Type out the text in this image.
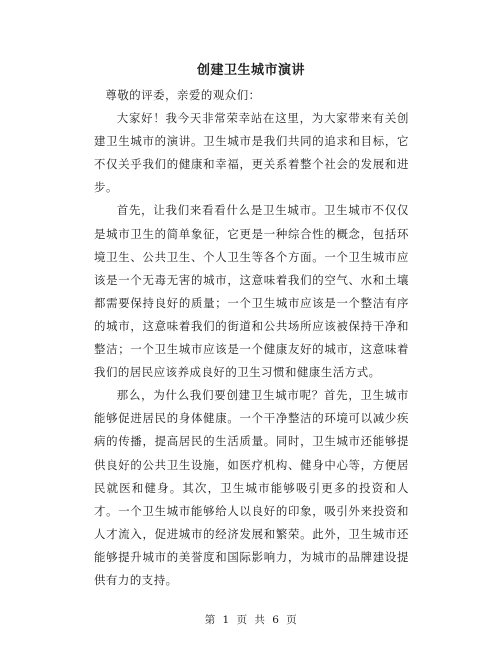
创建卫生城市演讲

尊敬的评委，亲爱的观众们：

大家好！我今天非常荣幸站在这里，为大家带来有关创建卫生城市的演讲。卫生城市是我们共同的追求和目标，它不仅关乎我们的健康和幸福，更关系着整个社会的发展和进步。

首先，让我们来看看什么是卫生城市。卫生城市不仅仅是城市卫生的简单象征，它更是一种综合性的概念，包括环境卫生、公共卫生、个人卫生等各个方面。一个卫生城市应该是一个无毒无害的城市，这意味着我们的空气、水和土壤都需要保持良好的质量；一个卫生城市应该是一个整洁有序的城市，这意味着我们的街道和公共场所应该被保持干净和整洁；一个卫生城市应该是一个健康友好的城市，这意味着我们的居民应该养成良好的卫生习惯和健康生活方式。

那么，为什么我们要创建卫生城市呢？首先，卫生城市能够促进居民的身体健康。一个干净整洁的环境可以减少疾病的传播，提高居民的生活质量。同时，卫生城市还能够提供良好的公共卫生设施，如医疗机构、健身中心等，方便居民就医和健身。其次，卫生城市能够吸引更多的投资和人才。一个卫生城市能够给人以良好的印象，吸引外来投资和人才流入，促进城市的经济发展和繁荣。此外，卫生城市还能够提升城市的美誉度和国际影响力，为城市的品牌建设提供有力的支持。

第 1 页 共 6 页
